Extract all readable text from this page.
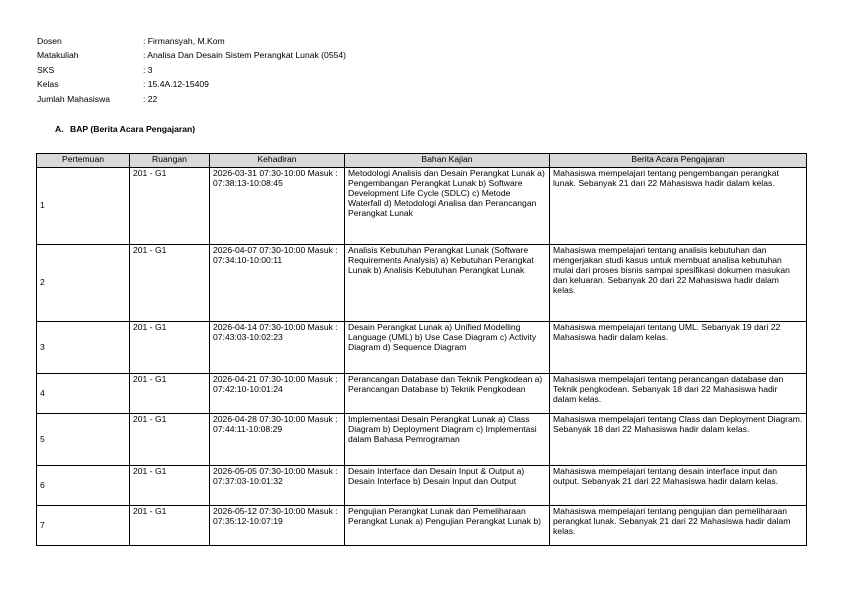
Dosen	: Firmansyah, M.Kom
Matakuliah	: Analisa Dan Desain Sistem Perangkat Lunak (0554)
SKS	: 3
Kelas	: 15.4A.12-15409
Jumlah Mahasiswa	: 22
A. BAP (Berita Acara Pengajaran)
Pertemuan	Ruangan	Kehadiran	Bahan Kajian	Berita Acara Pengajaran
1	201 - G1	2026-03-31 07:30-10:00 Masuk : 07:38:13-10:08:45	Metodologi Analisis dan Desain Perangkat Lunak a) Pengembangan Perangkat Lunak b) Software Development Life Cycle (SDLC) c) Metode Waterfall d) Metodologi Analisa dan Perancangan Perangkat Lunak	Mahasiswa mempelajari tentang pengembangan perangkat lunak. Sebanyak 21 dari 22 Mahasiswa hadir dalam kelas.
2	201 - G1	2026-04-07 07:30-10:00 Masuk : 07:34:10-10:00:11	Analisis Kebutuhan Perangkat Lunak (Software Requirements Analysis) a) Kebutuhan Perangkat Lunak b) Analisis Kebutuhan Perangkat Lunak	Mahasiswa mempelajari tentang analisis kebutuhan dan mengerjakan studi kasus untuk membuat analisa kebutuhan mulai dari proses bisnis sampai spesifikasi dokumen masukan dan keluaran. Sebanyak 20 dari 22 Mahasiswa hadir dalam kelas.
3	201 - G1	2026-04-14 07:30-10:00 Masuk : 07:43:03-10:02:23	Desain Perangkat Lunak a) Unified Modelling Language (UML) b) Use Case Diagram c) Activity Diagram d) Sequence Diagram	Mahasiswa mempelajari tentang UML. Sebanyak 19 dari 22 Mahasiswa hadir dalam kelas.
4	201 - G1	2026-04-21 07:30-10:00 Masuk : 07:42:10-10:01:24	Perancangan Database dan Teknik Pengkodean a) Perancangan Database b) Teknik Pengkodean	Mahasiswa mempelajari tentang perancangan database dan Teknik pengkodean. Sebanyak 18 dari 22 Mahasiswa hadir dalam kelas.
5	201 - G1	2026-04-28 07:30-10:00 Masuk : 07:44:11-10:08:29	Implementasi Desain Perangkat Lunak a) Class Diagram b) Deployment Diagram c) Implementasi dalam Bahasa Pemrograman	Mahasiswa mempelajari tentang Class dan Deployment Diagram. Sebanyak 18 dari 22 Mahasiswa hadir dalam kelas.
6	201 - G1	2026-05-05 07:30-10:00 Masuk : 07:37:03-10:01:32	Desain Interface dan Desain Input & Output a) Desain Interface b) Desain Input dan Output	Mahasiswa mempelajari tentang desain interface input dan output. Sebanyak 21 dari 22 Mahasiswa hadir dalam kelas.
7	201 - G1	2026-05-12 07:30-10:00 Masuk : 07:35:12-10:07:19	Pengujian Perangkat Lunak dan Pemeliharaan Perangkat Lunak a) Pengujian Perangkat Lunak b)	Mahasiswa mempelajari tentang pengujian dan pemeliharaan perangkat lunak. Sebanyak 21 dari 22 Mahasiswa hadir dalam kelas.
